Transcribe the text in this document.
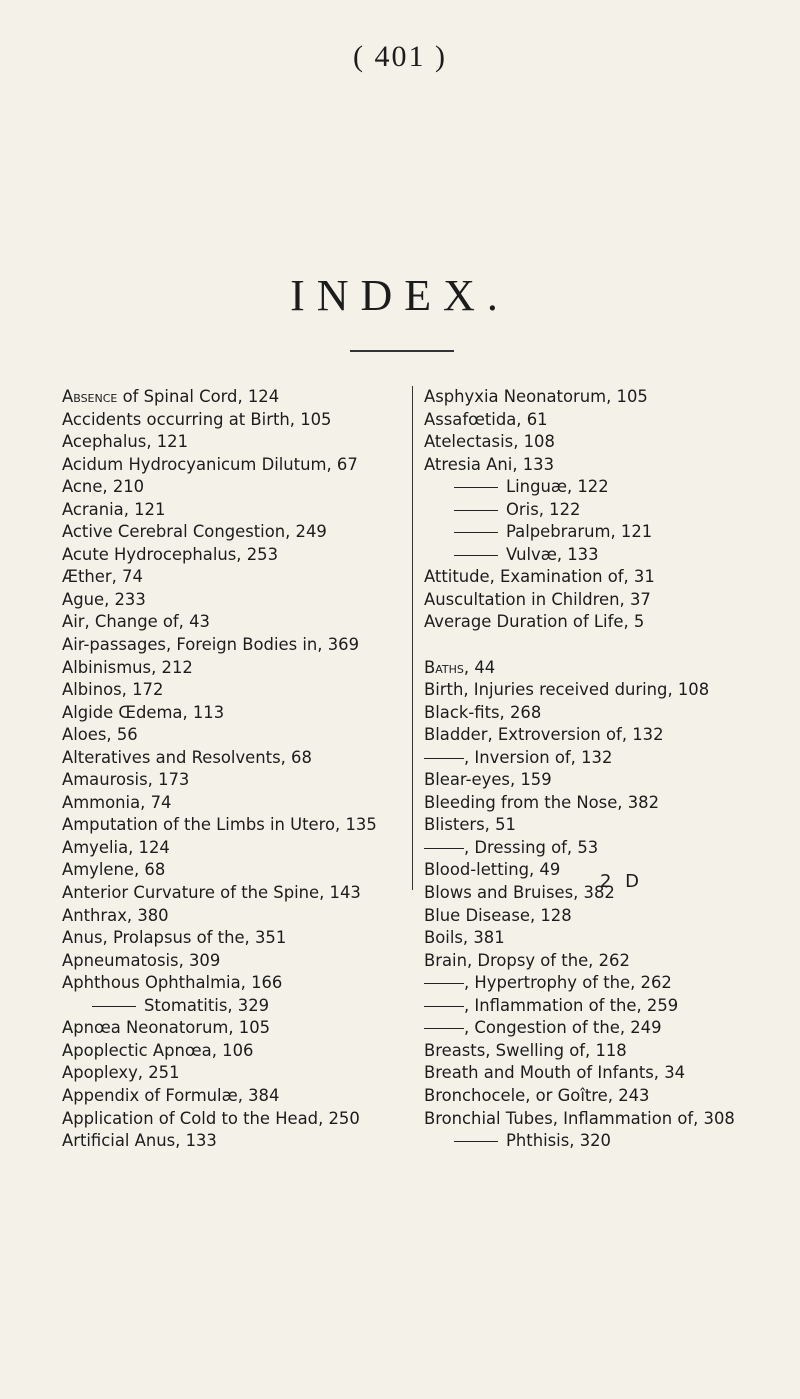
( 401 )
INDEX.
Absence of Spinal Cord, 124
Accidents occurring at Birth, 105
Acephalus, 121
Acidum Hydrocyanicum Dilutum, 67
Acne, 210
Acrania, 121
Active Cerebral Congestion, 249
Acute Hydrocephalus, 253
Æther, 74
Ague, 233
Air, Change of, 43
Air-passages, Foreign Bodies in, 369
Albinismus, 212
Albinos, 172
Algide Œdema, 113
Aloes, 56
Alteratives and Resolvents, 68
Amaurosis, 173
Ammonia, 74
Amputation of the Limbs in Utero, 135
Amyelia, 124
Amylene, 68
Anterior Curvature of the Spine, 143
Anthrax, 380
Anus, Prolapsus of the, 351
Apneumatosis, 309
Aphthous Ophthalmia, 166
Stomatitis, 329
Apnœa Neonatorum, 105
Apoplectic Apnœa, 106
Apoplexy, 251
Appendix of Formulæ, 384
Application of Cold to the Head, 250
Artificial Anus, 133
Asphyxia Neonatorum, 105
Assafœtida, 61
Atelectasis, 108
Atresia Ani, 133
Linguæ, 122
Oris, 122
Palpebrarum, 121
Vulvæ, 133
Attitude, Examination of, 31
Auscultation in Children, 37
Average Duration of Life, 5
Baths, 44
Birth, Injuries received during, 108
Black-fits, 268
Bladder, Extroversion of, 132
, Inversion of, 132
Blear-eyes, 159
Bleeding from the Nose, 382
Blisters, 51
, Dressing of, 53
Blood-letting, 49
Blows and Bruises, 382
Blue Disease, 128
Boils, 381
Brain, Dropsy of the, 262
, Hypertrophy of the, 262
, Inflammation of the, 259
, Congestion of the, 249
Breasts, Swelling of, 118
Breath and Mouth of Infants, 34
Bronchocele, or Goître, 243
Bronchial Tubes, Inflammation of, 308
Phthisis, 320
2 D
